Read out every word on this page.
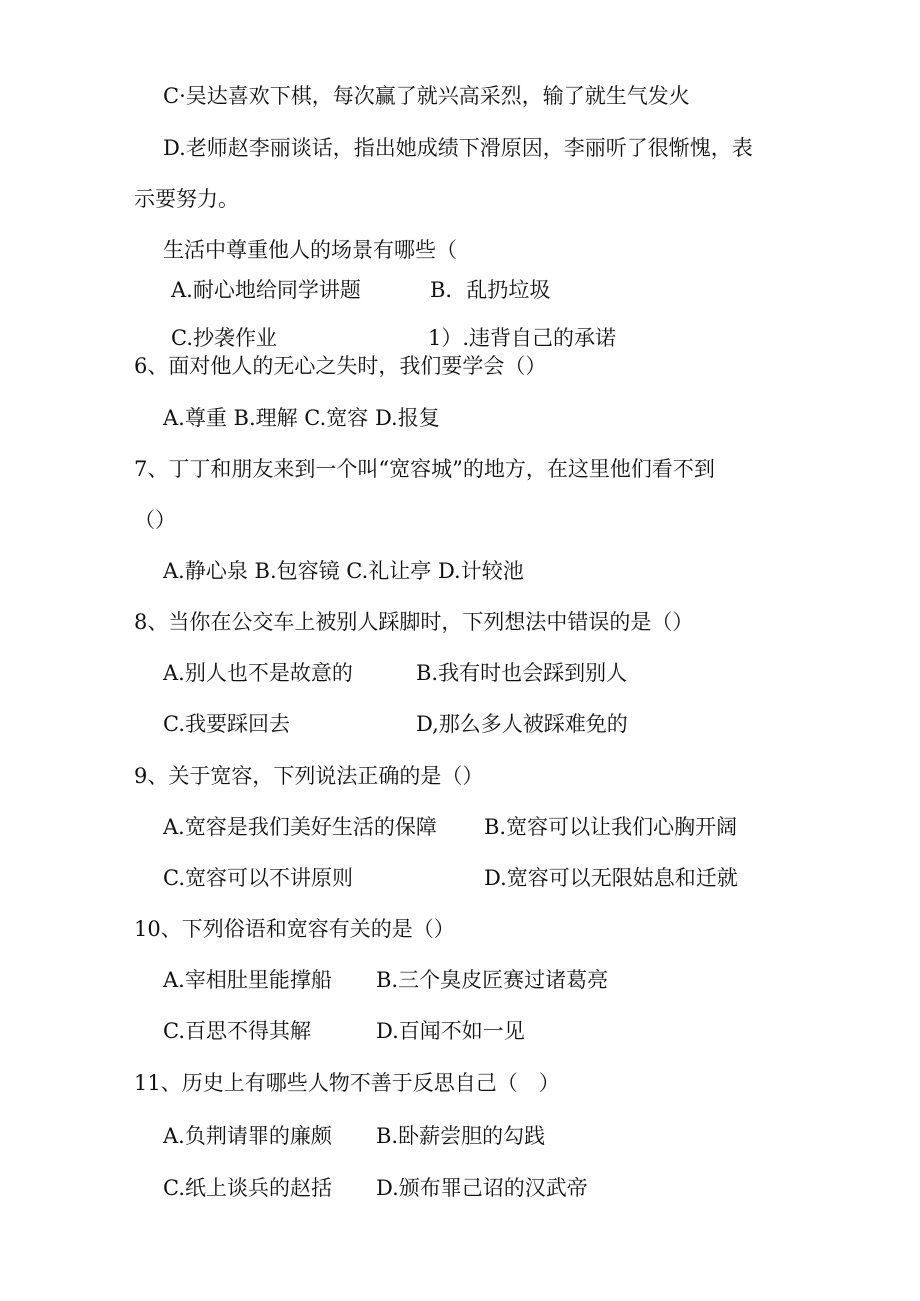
C·吴达喜欢下棋，每次赢了就兴高采烈，输了就生气发火
D.老师赵李丽谈话，指出她成绩下滑原因，李丽听了很惭愧，表
示要努力。
生活中尊重他人的场景有哪些（
A.耐心地给同学讲题	B．乱扔垃圾
C.抄袭作业	1）.违背自己的承诺
6、面对他人的无心之失时，我们要学会（）
A.尊重 B.理解 C.宽容 D.报复
7、丁丁和朋友来到一个叫“宽容城”的地方，在这里他们看不到
（）
A.静心泉 B.包容镜 C.礼让亭 D.计较池
8、当你在公交车上被别人踩脚时，下列想法中错误的是（）
A.别人也不是故意的	B.我有时也会踩到别人
C.我要踩回去	D,那么多人被踩难免的
9、关于宽容，下列说法正确的是（）
A.宽容是我们美好生活的保障 B.宽容可以让我们心胸开阔
C.宽容可以不讲原则	D.宽容可以无限姑息和迁就
10、下列俗语和宽容有关的是（）
A.宰相肚里能撑船 B.三个臭皮匠赛过诸葛亮
C.百思不得其解	D.百闻不如一见
11、历史上有哪些人物不善于反思自己（　）
A.负荆请罪的廉颇 B.卧薪尝胆的勾践
C.纸上谈兵的赵括 D.颁布罪己诏的汉武帝
